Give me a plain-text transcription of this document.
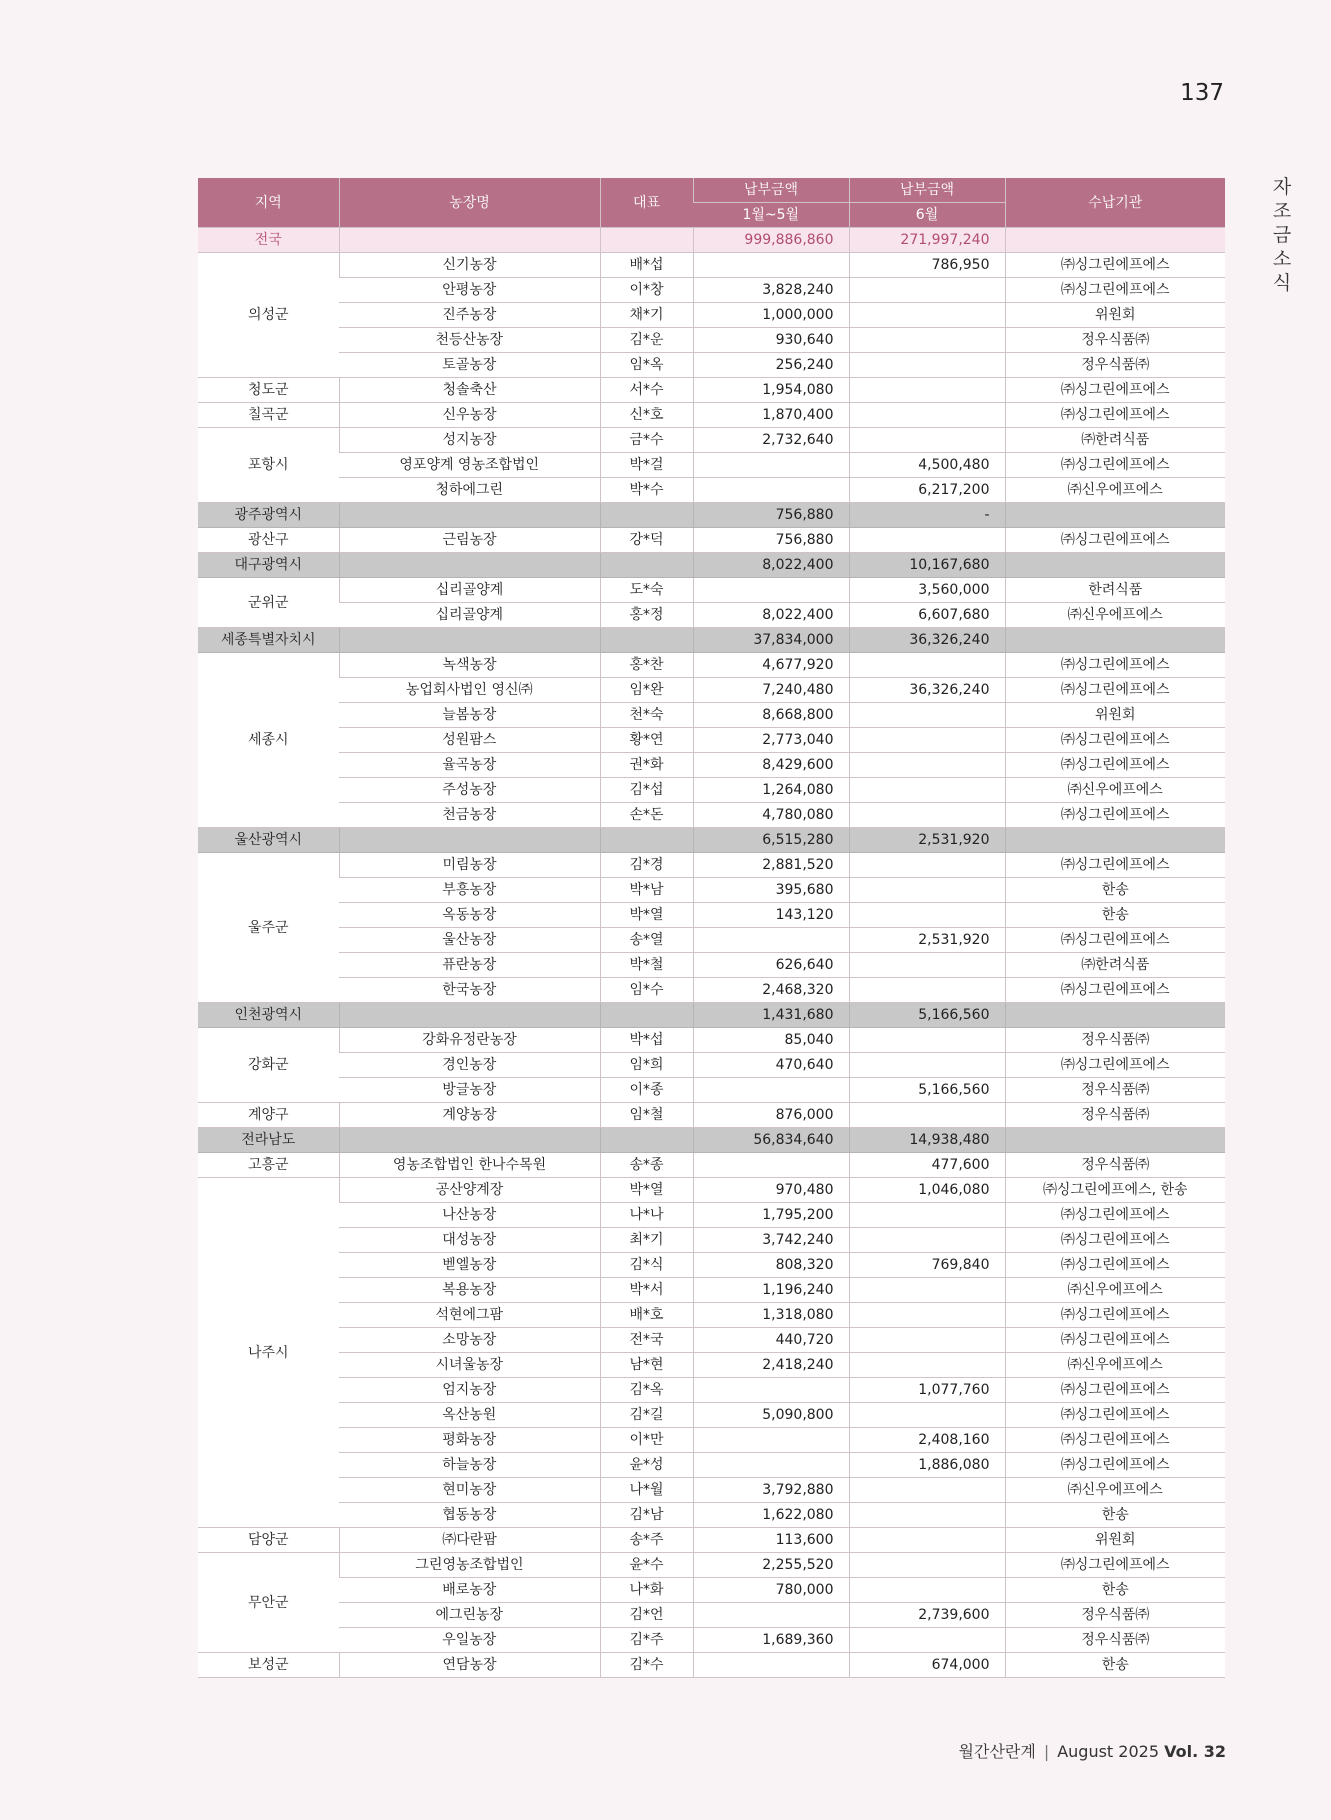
137
자
조
금
소
식
지역	농장명	대표	납부금액	납부금액	수납기관
			1월~5월	6월	
전국			999,886,860	271,997,240	
의성군	신기농장	배*섭		786,950	㈜싱그린에프에스
	안평농장	이*창	3,828,240		㈜싱그린에프에스
	진주농장	채*기	1,000,000		위원회
	천등산농장	김*운	930,640		정우식품㈜
	토골농장	임*옥	256,240		정우식품㈜
청도군	청솔축산	서*수	1,954,080		㈜싱그린에프에스
칠곡군	신우농장	신*호	1,870,400		㈜싱그린에프에스
포항시	성지농장	금*수	2,732,640		㈜한려식품
	영포양계 영농조합법인	박*걸		4,500,480	㈜싱그린에프에스
	청하에그린	박*수		6,217,200	㈜신우에프에스
광주광역시			756,880	-	
광산구	근림농장	강*덕	756,880		㈜싱그린에프에스
대구광역시			8,022,400	10,167,680	
군위군	십리골양계	도*숙		3,560,000	한려식품
	십리골양계	홍*정	8,022,400	6,607,680	㈜신우에프에스
세종특별자치시			37,834,000	36,326,240	
세종시	녹색농장	홍*찬	4,677,920		㈜싱그린에프에스
	농업회사법인 영신㈜	임*완	7,240,480	36,326,240	㈜싱그린에프에스
	늘봄농장	천*숙	8,668,800		위원회
	성원팜스	황*연	2,773,040		㈜싱그린에프에스
	율곡농장	권*화	8,429,600		㈜싱그린에프에스
	주성농장	김*섭	1,264,080		㈜신우에프에스
	천금농장	손*돈	4,780,080		㈜싱그린에프에스
울산광역시			6,515,280	2,531,920	
울주군	미림농장	김*경	2,881,520		㈜싱그린에프에스
	부흥농장	박*남	395,680		한송
	옥동농장	박*열	143,120		한송
	울산농장	송*열		2,531,920	㈜싱그린에프에스
	퓨란농장	박*철	626,640		㈜한려식품
	한국농장	임*수	2,468,320		㈜싱그린에프에스
인천광역시			1,431,680	5,166,560	
강화군	강화유정란농장	박*섭	85,040		정우식품㈜
	경인농장	임*희	470,640		㈜싱그린에프에스
	방글농장	이*종		5,166,560	정우식품㈜
계양구	계양농장	임*철	876,000		정우식품㈜
전라남도			56,834,640	14,938,480	
고흥군	영농조합법인 한나수목원	송*종		477,600	정우식품㈜
나주시	공산양계장	박*열	970,480	1,046,080	㈜싱그린에프에스, 한송
	나산농장	나*나	1,795,200		㈜싱그린에프에스
	대성농장	최*기	3,742,240		㈜싱그린에프에스
	벧엘농장	김*식	808,320	769,840	㈜싱그린에프에스
	복용농장	박*서	1,196,240		㈜신우에프에스
	석현에그팜	배*호	1,318,080		㈜싱그린에프에스
	소망농장	전*국	440,720		㈜싱그린에프에스
	시녀울농장	남*현	2,418,240		㈜신우에프에스
	엄지농장	김*옥		1,077,760	㈜싱그린에프에스
	옥산농원	김*길	5,090,800		㈜싱그린에프에스
	평화농장	이*만		2,408,160	㈜싱그린에프에스
	하늘농장	윤*성		1,886,080	㈜싱그린에프에스
	현미농장	나*월	3,792,880		㈜신우에프에스
	협동농장	김*남	1,622,080		한송
담양군	㈜다란팜	송*주	113,600		위원회
무안군	그린영농조합법인	윤*수	2,255,520		㈜싱그린에프에스
	배로농장	나*화	780,000		한송
	에그린농장	김*언		2,739,600	정우식품㈜
	우일농장	김*주	1,689,360		정우식품㈜
보성군	연담농장	김*수		674,000	한송
월간산란계 | August 2025 Vol. 32
